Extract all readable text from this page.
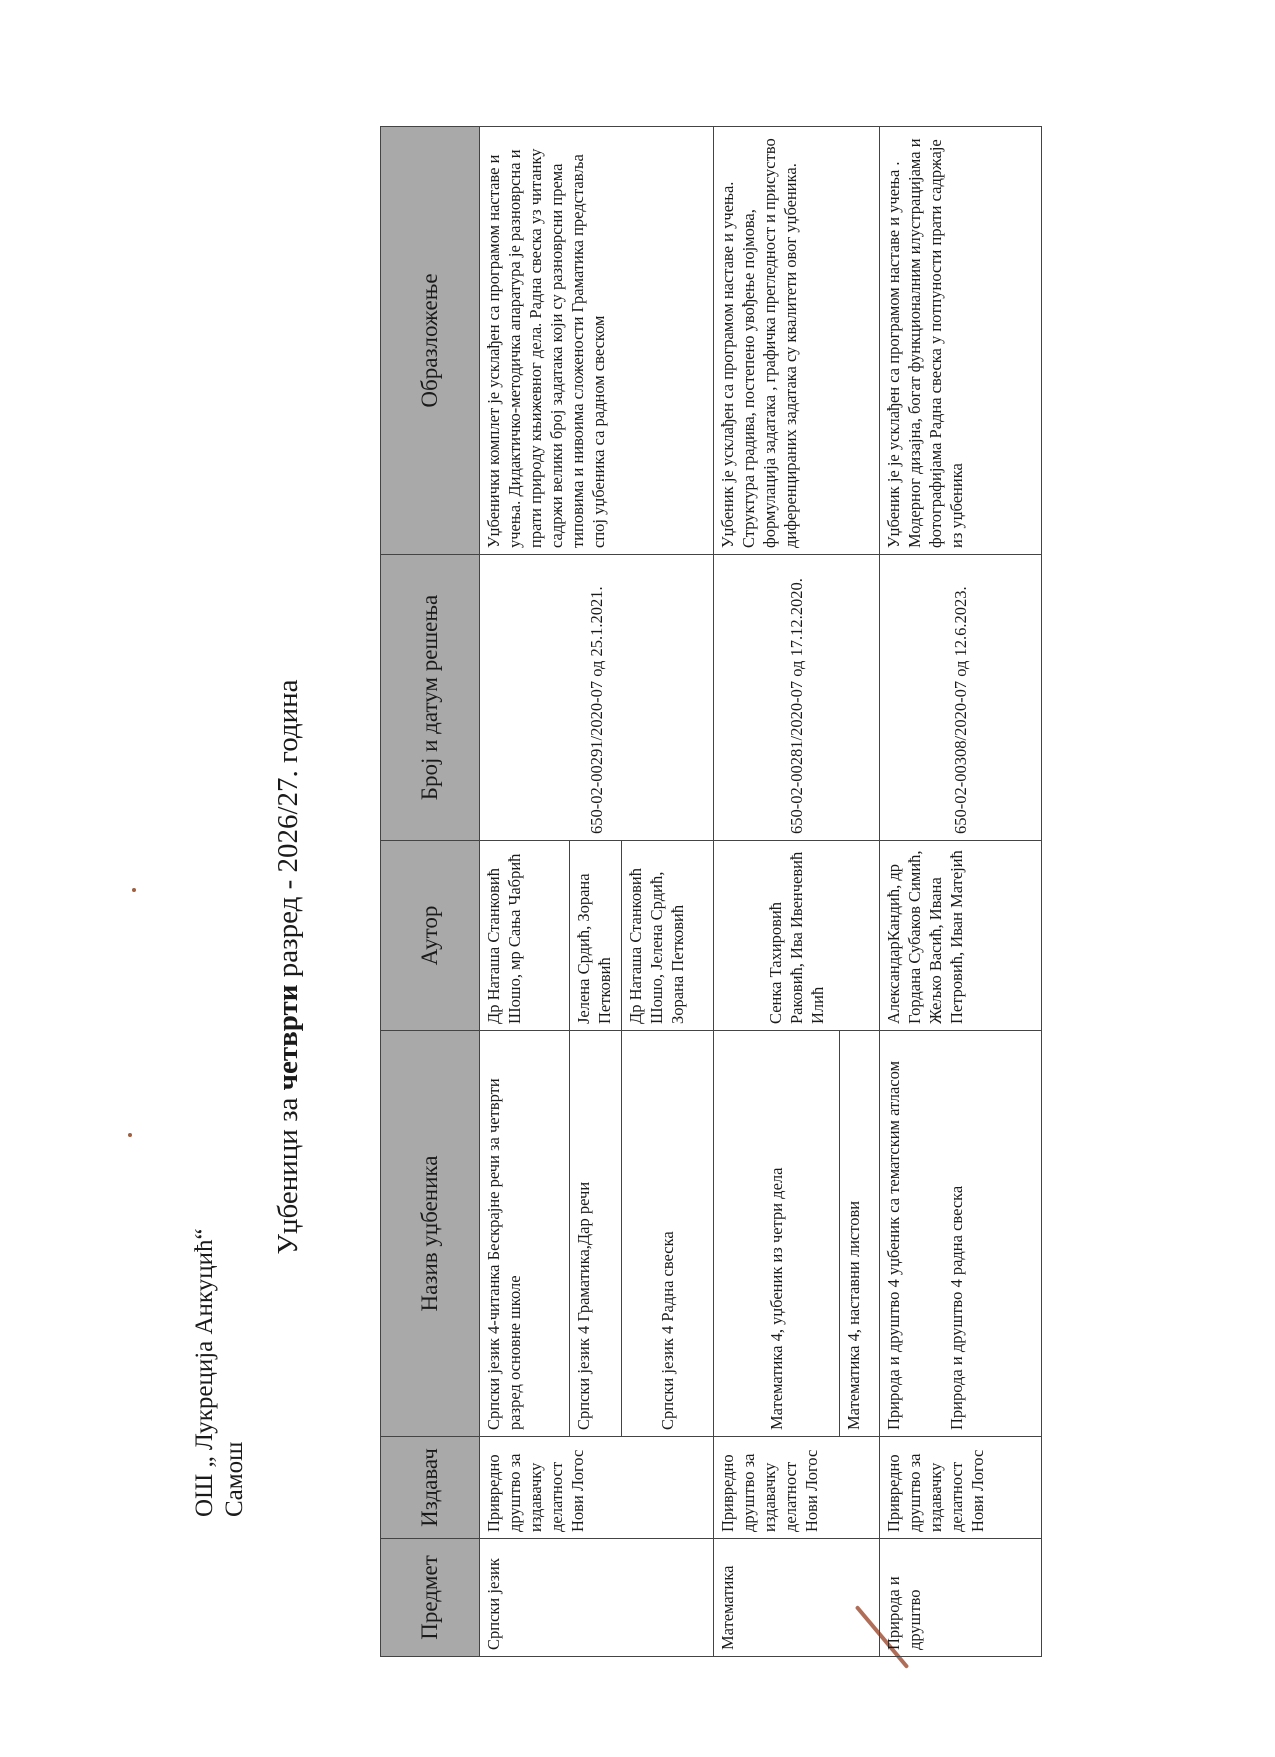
ОШ „ Лукреција Анкуцић“ Самош
Уџбеници за четврти разред - 2026/27. година
Предмет	Издавач	Назив уџбеника	Аутор	Број и датум решења	Образложење
Српски језик	Привредно друштво за издавачку делатност Нови Логос	Српски језик 4-читанка Бескрајне речи за четврти разред основне школе	Др Наташа Станковић Шошо, мр Сања Чабрић	650-02-00291/2020-07 од 25.1.2021.	Уџбенички комплет је усклађен са програмом наставе и учења. Дидактичко-методичка апаратура је разноврсна и прати природу књижевног дела. Радна свеска уз читанку садржи велики број задатака који су разноврсни према типовима и нивоима сложености Граматика представља спој уџбеника са радном свеском
		Српски језик 4 Граматика,Дар речи	Јелена Срдић, Зорана Петковић		
		Српски језик 4 Радна свеска	Др Наташа Станковић Шошо, Јелена Срдић, Зорана Петковић		
Математика	Привредно друштво за издавачку делатност Нови Логос	Математика 4, уџбеник из четри дела	Сенка Тахировић Раковић, Ива Ивенчевић Илић	650-02-00281/2020-07 од 17.12.2020.	Уџбеник је усклађен са програмом наставе и учења. Структура градива, постепено увођење појмова, формулација задатака , графичка прегледност и присуство диференцираних задатака су квалитети овог уџбеника.
		Математика 4, наставни листови			
Природа и друштво	Привредно друштво за издавачку делатност Нови Логос	Природа и друштво 4 уџбеник са тематским атласом Природа и друштво 4 радна свеска	АлександарКандић, др Гордана Субаков Симић, Жељко Васић, Ивана Петровић, Иван Матејић	650-02-00308/2020-07 од 12.6.2023.	Уџбеник је је усклађен са програмом наставе и учења . Модерног дизајна, богат функционалним илустрацијама и фотографијама Радна свеска у потпуности прати садржаје из уџбеника
